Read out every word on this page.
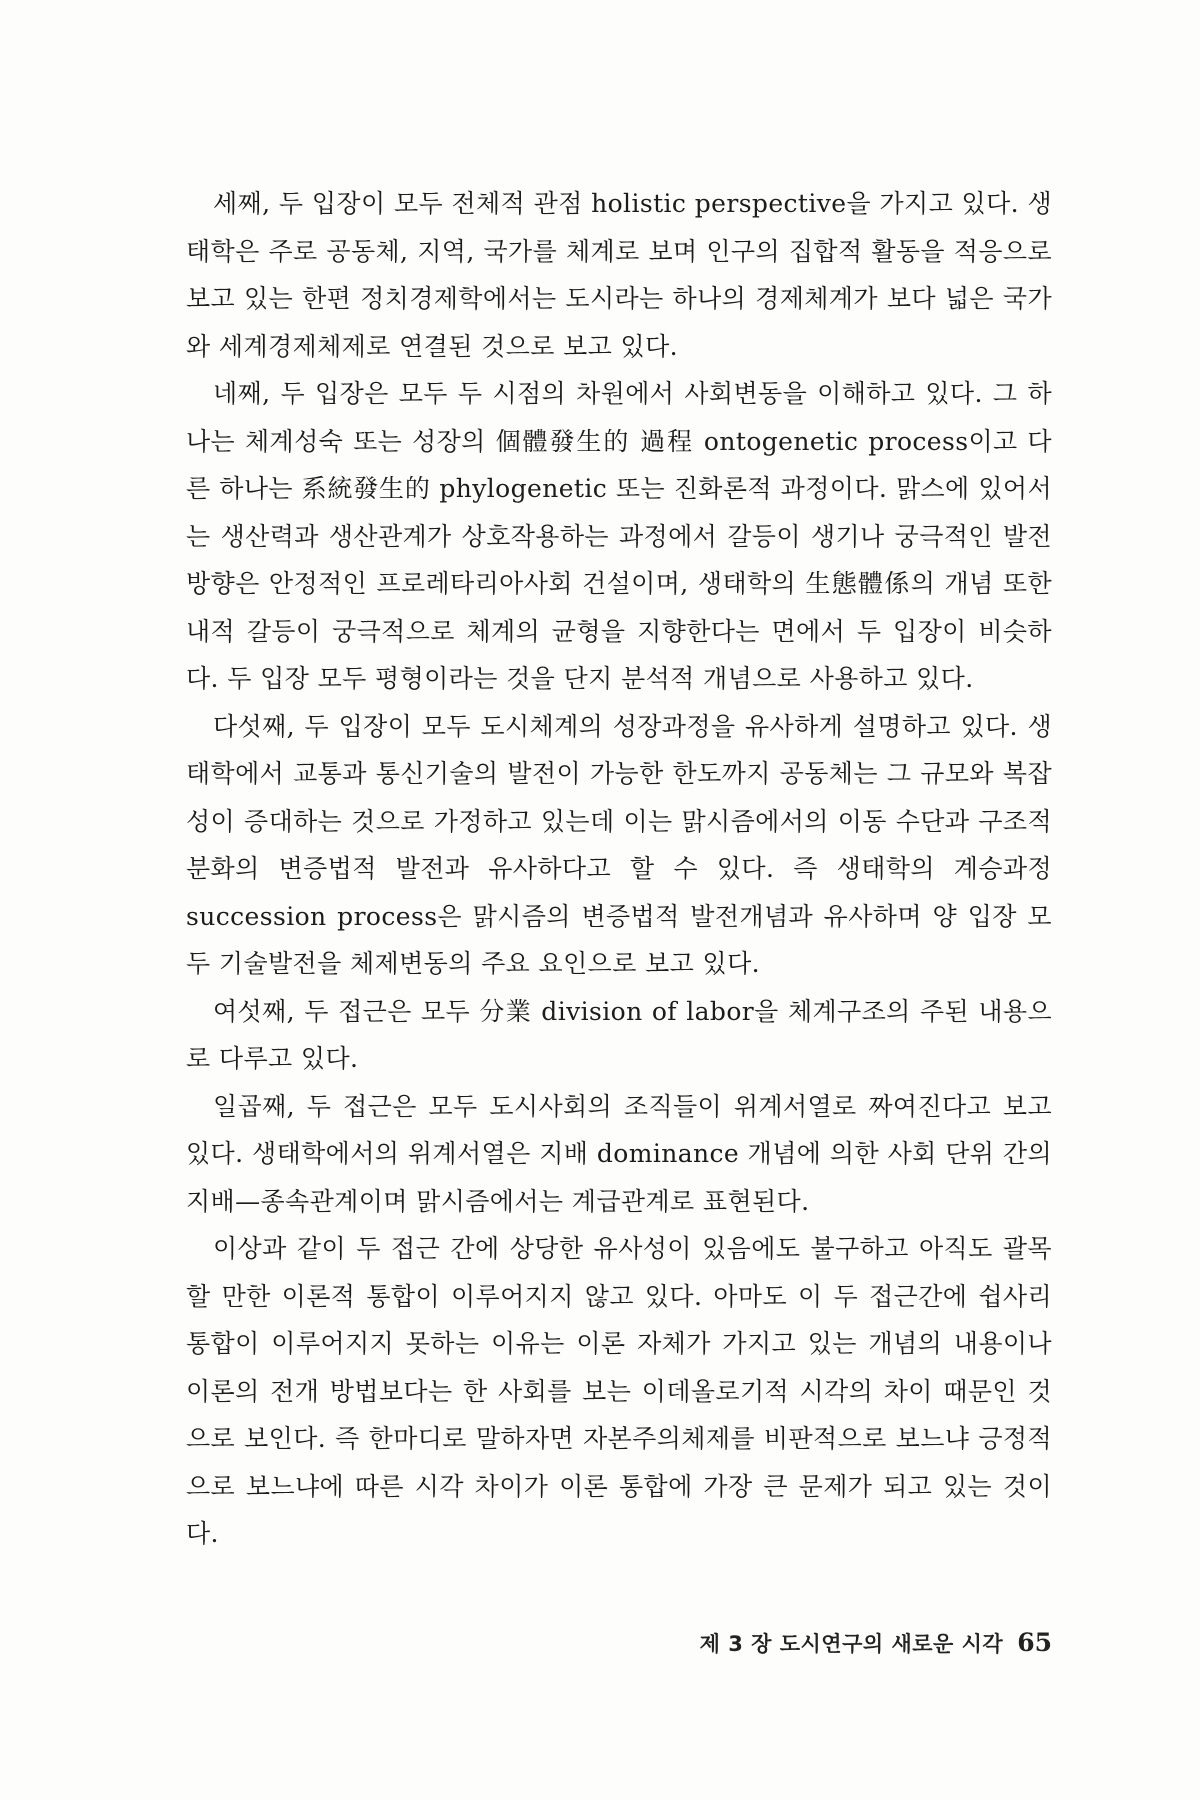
세째, 두 입장이 모두 전체적 관점 holistic perspective을 가지고 있다. 생태학은 주로 공동체, 지역, 국가를 체계로 보며 인구의 집합적 활동을 적응으로 보고 있는 한편 정치경제학에서는 도시라는 하나의 경제체계가 보다 넓은 국가와 세계경제체제로 연결된 것으로 보고 있다.

네째, 두 입장은 모두 두 시점의 차원에서 사회변동을 이해하고 있다. 그 하나는 체계성숙 또는 성장의 個體發生的 過程 ontogenetic process이고 다른 하나는 系統發生的 phylogenetic 또는 진화론적 과정이다. 맑스에 있어서는 생산력과 생산관계가 상호작용하는 과정에서 갈등이 생기나 궁극적인 발전 방향은 안정적인 프로레타리아사회 건설이며, 생태학의 生態體係의 개념 또한 내적 갈등이 궁극적으로 체계의 균형을 지향한다는 면에서 두 입장이 비슷하다. 두 입장 모두 평형이라는 것을 단지 분석적 개념으로 사용하고 있다.

다섯째, 두 입장이 모두 도시체계의 성장과정을 유사하게 설명하고 있다. 생태학에서 교통과 통신기술의 발전이 가능한 한도까지 공동체는 그 규모와 복잡성이 증대하는 것으로 가정하고 있는데 이는 맑시즘에서의 이동 수단과 구조적 분화의 변증법적 발전과 유사하다고 할 수 있다. 즉 생태학의 계승과정 succession process은 맑시즘의 변증법적 발전개념과 유사하며 양 입장 모두 기술발전을 체제변동의 주요 요인으로 보고 있다.

여섯째, 두 접근은 모두 分業 division of labor을 체계구조의 주된 내용으로 다루고 있다.

일곱째, 두 접근은 모두 도시사회의 조직들이 위계서열로 짜여진다고 보고 있다. 생태학에서의 위계서열은 지배 dominance 개념에 의한 사회 단위 간의 지배—종속관계이며 맑시즘에서는 계급관계로 표현된다.

이상과 같이 두 접근 간에 상당한 유사성이 있음에도 불구하고 아직도 괄목할 만한 이론적 통합이 이루어지지 않고 있다. 아마도 이 두 접근간에 쉽사리 통합이 이루어지지 못하는 이유는 이론 자체가 가지고 있는 개념의 내용이나 이론의 전개 방법보다는 한 사회를 보는 이데올로기적 시각의 차이 때문인 것으로 보인다. 즉 한마디로 말하자면 자본주의체제를 비판적으로 보느냐 긍정적으로 보느냐에 따른 시각 차이가 이론 통합에 가장 큰 문제가 되고 있는 것이다.

제 3 장 도시연구의 새로운 시각 65
